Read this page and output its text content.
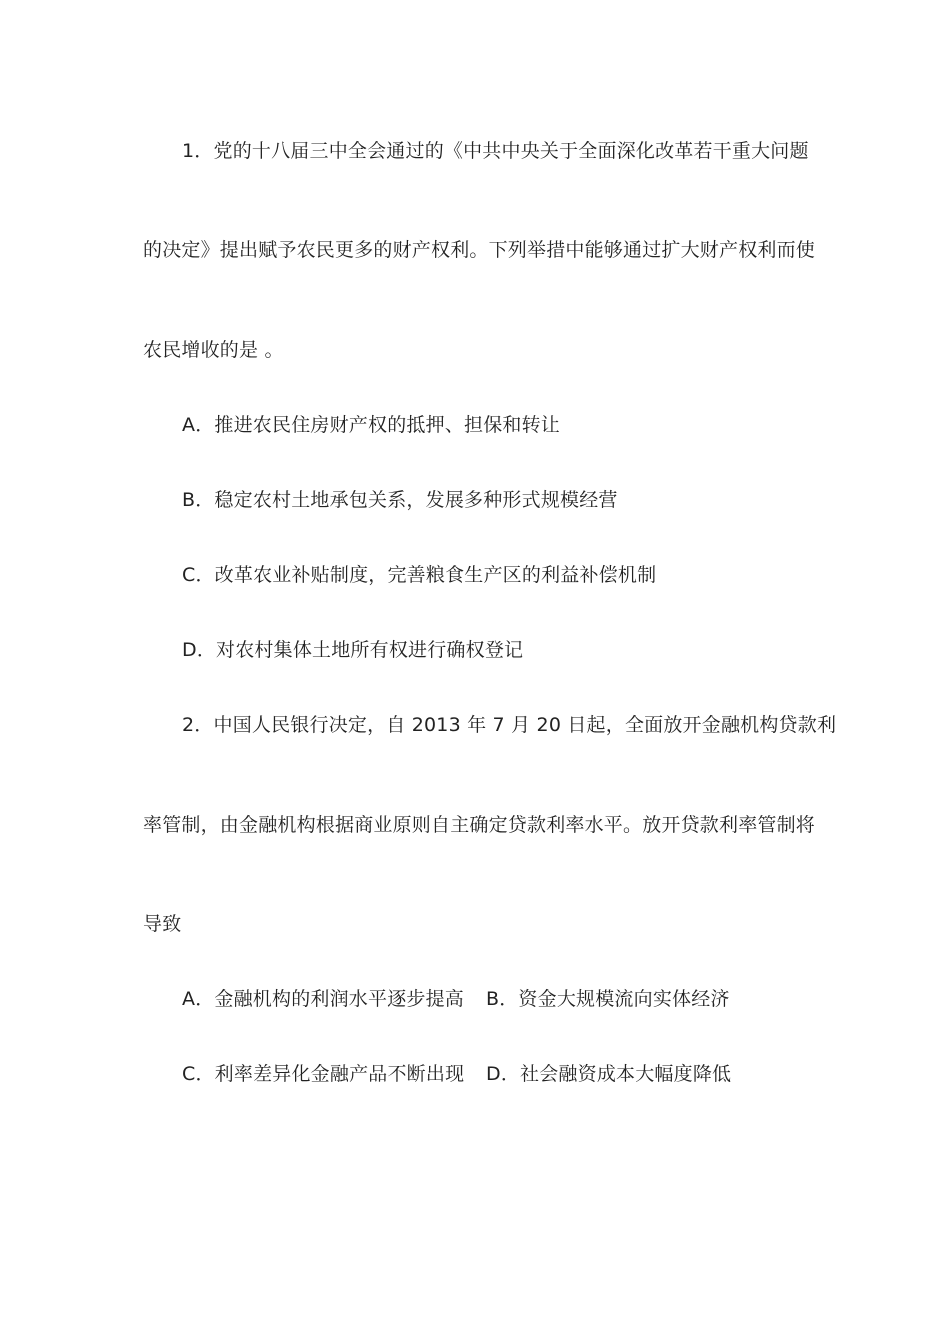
1．党的十八届三中全会通过的《中共中央关于全面深化改革若干重大问题
的决定》提出赋予农民更多的财产权利。下列举措中能够通过扩大财产权利而使
农民增收的是 。
A．推进农民住房财产权的抵押、担保和转让
B．稳定农村土地承包关系，发展多种形式规模经营
C．改革农业补贴制度，完善粮食生产区的利益补偿机制
D．对农村集体土地所有权进行确权登记
2．中国人民银行决定，自 2013 年 7 月 20 日起，全面放开金融机构贷款利
率管制，由金融机构根据商业原则自主确定贷款利率水平。放开贷款利率管制将
导致
A．金融机构的利润水平逐步提高 B．资金大规模流向实体经济
C．利率差异化金融产品不断出现 D．社会融资成本大幅度降低
